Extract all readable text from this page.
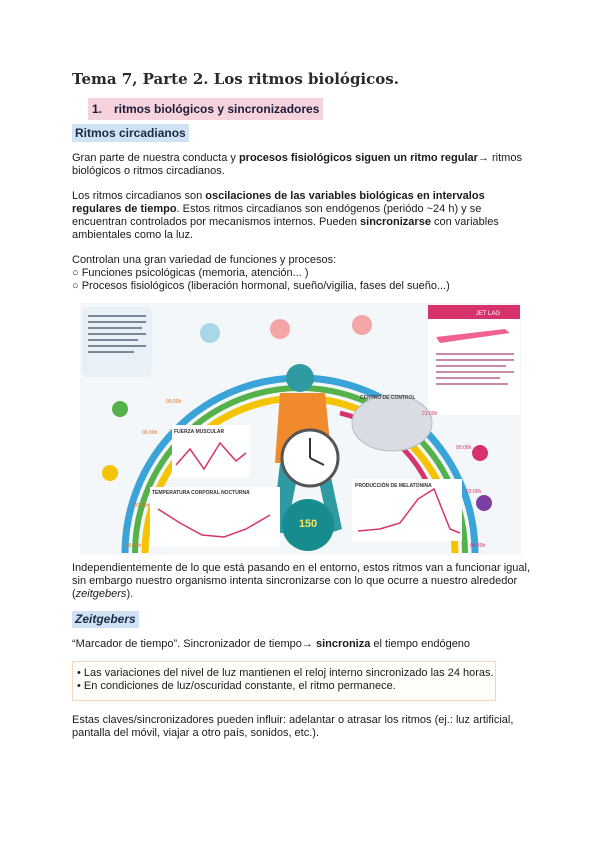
Tema 7, Parte 2. Los ritmos biológicos.
1. ritmos biológicos y sincronizadores
Ritmos circadianos
Gran parte de nuestra conducta y procesos fisiológicos siguen un ritmo regular→ ritmos biológicos o ritmos circadianos.
Los ritmos circadianos son oscilaciones de las variables biológicas en intervalos regulares de tiempo. Estos ritmos circadianos son endógenos (periódo ~24 h) y se encuentran controlados por mecanismos internos. Pueden sincronizarse con variables ambientales como la luz.
Controlan una gran variedad de funciones y procesos:
○ Funciones psicológicas (memoria, atención... )
○ Procesos fisiológicos (liberación hormonal, sueño/vigilia, fases del sueño...)
JET LAG
150
CENTRO DE CONTROL
FUERZA MUSCULAR
TEMPERATURA CORPORAL NOCTURNA
PRODUCCIÓN DE MELATONINA
06:00h
09:00h
21:00h
00:00h
03:00h
04:30h
07:30h
06:30h
Independientemente de lo que está pasando en el entorno, estos ritmos van a funcionar igual, sin embargo nuestro organismo intenta sincronizarse con lo que ocurre a nuestro alrededor (zeitgebers).
Zeitgebers
“Marcador de tiempo”. Sincronizador de tiempo→ sincroniza el tiempo endógeno
• Las variaciones del nivel de luz mantienen el reloj interno sincronizado las 24 horas.
• En condiciones de luz/oscuridad constante, el ritmo permanece.
Estas claves/sincronizadores pueden influir: adelantar o atrasar los ritmos (ej.: luz artificial, pantalla del móvil, viajar a otro país, sonidos, etc.).
